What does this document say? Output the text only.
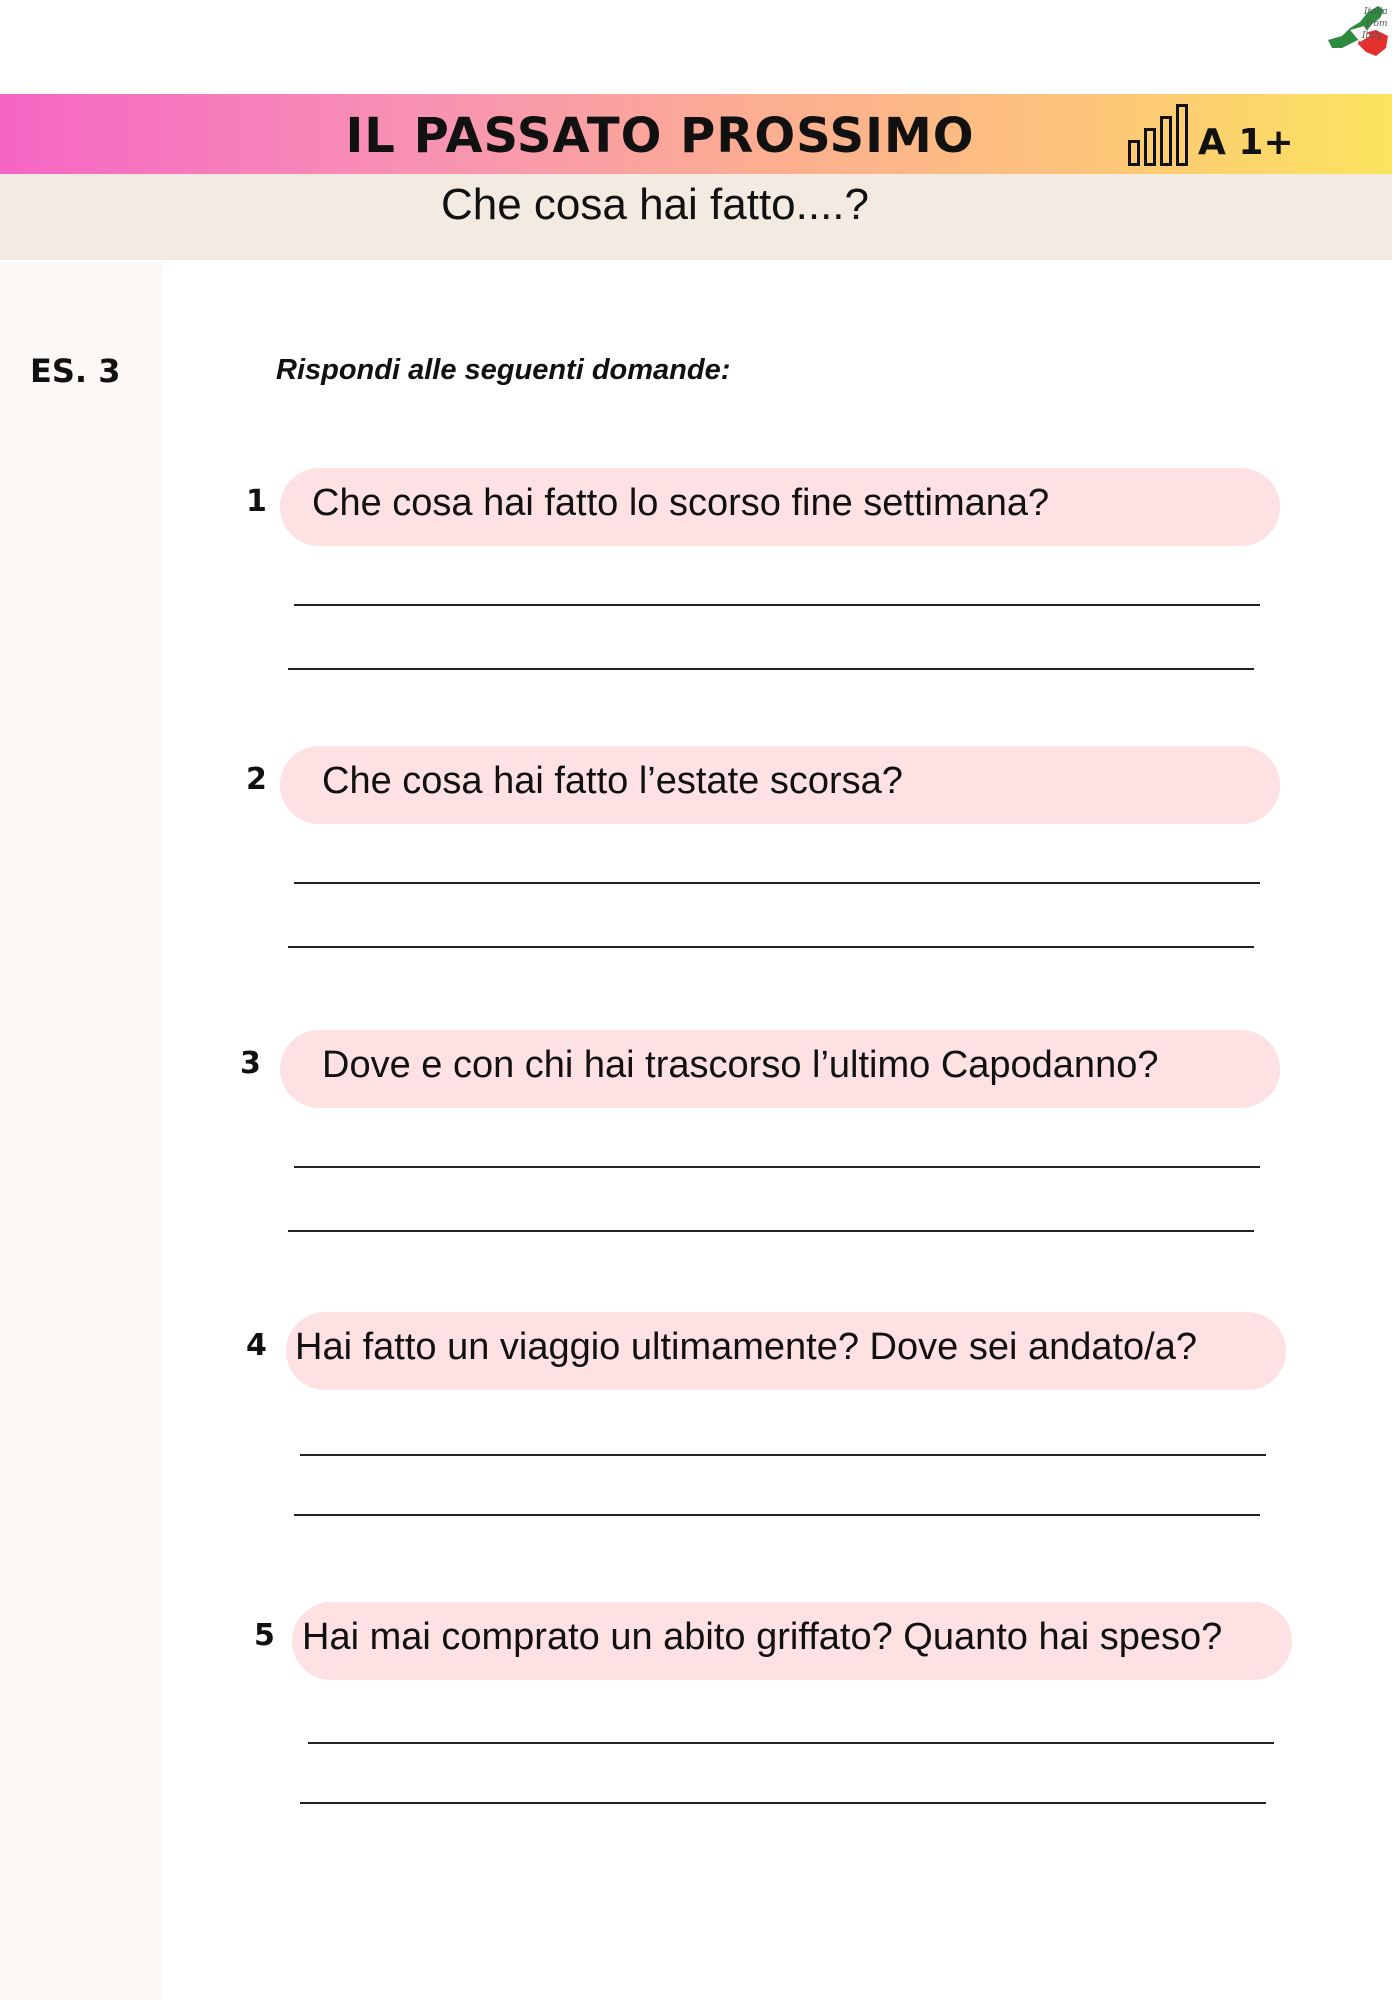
Italia
from
Italy
IL PASSATO PROSSIMO	A 1+
Che cosa hai fatto....?
ES. 3	Rispondi alle seguenti domande:
1 Che cosa hai fatto lo scorso fine settimana?
2 Che cosa hai fatto l’estate scorsa?
3 Dove e con chi hai trascorso l’ultimo Capodanno?
4 Hai fatto un viaggio ultimamente? Dove sei andato/a?
5 Hai mai comprato un abito griffato? Quanto hai speso?
